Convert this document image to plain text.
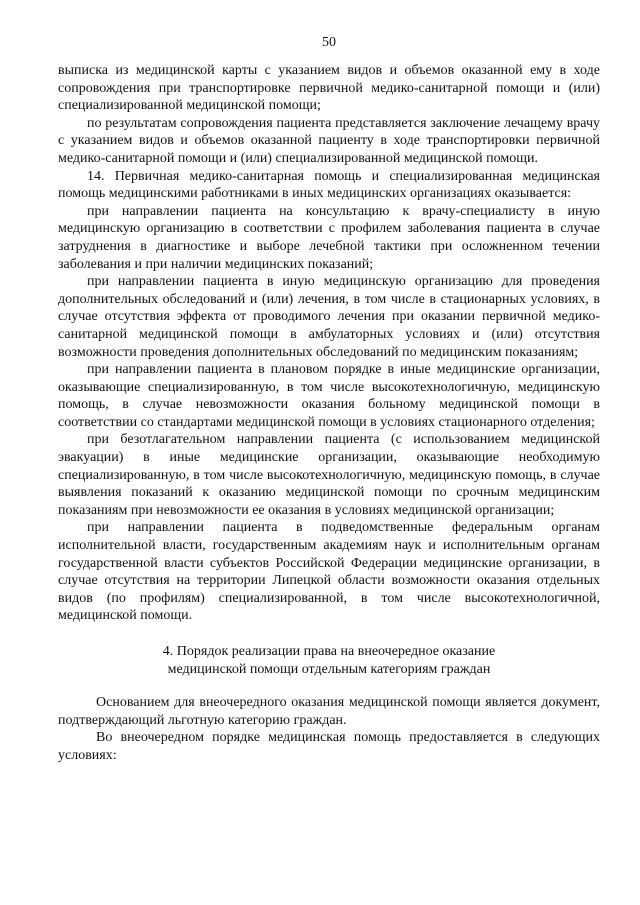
50

выписка из медицинской карты с указанием видов и объемов оказанной ему в ходе сопровождения при транспортировке первичной медико-санитарной помощи и (или) специализированной медицинской помощи;

по результатам сопровождения пациента представляется заключение лечащему врачу с указанием видов и объемов оказанной пациенту в ходе транспортировки первичной медико-санитарной помощи и (или) специализированной медицинской помощи.

14. Первичная медико-санитарная помощь и специализированная медицинская помощь медицинскими работниками в иных медицинских организациях оказывается:

при направлении пациента на консультацию к врачу-специалисту в иную медицинскую организацию в соответствии с профилем заболевания пациента в случае затруднения в диагностике и выборе лечебной тактики при осложненном течении заболевания и при наличии медицинских показаний;

при направлении пациента в иную медицинскую организацию для проведения дополнительных обследований и (или) лечения, в том числе в стационарных условиях, в случае отсутствия эффекта от проводимого лечения при оказании первичной медико-санитарной медицинской помощи в амбулаторных условиях и (или) отсутствия возможности проведения дополнительных обследований по медицинским показаниям;

при направлении пациента в плановом порядке в иные медицинские организации, оказывающие специализированную, в том числе высокотехнологичную, медицинскую помощь, в случае невозможности оказания больному медицинской помощи в соответствии со стандартами медицинской помощи в условиях стационарного отделения;

при безотлагательном направлении пациента (с использованием медицинской эвакуации) в иные медицинские организации, оказывающие необходимую специализированную, в том числе высокотехнологичную, медицинскую помощь, в случае выявления показаний к оказанию медицинской помощи по срочным медицинским показаниям при невозможности ее оказания в условиях медицинской организации;

при направлении пациента в подведомственные федеральным органам исполнительной власти, государственным академиям наук и исполнительным органам государственной власти субъектов Российской Федерации медицинские организации, в случае отсутствия на территории Липецкой области возможности оказания отдельных видов (по профилям) специализированной, в том числе высокотехнологичной, медицинской помощи.

4. Порядок реализации права на внеочередное оказание
медицинской помощи отдельным категориям граждан

Основанием для внеочередного оказания медицинской помощи является документ, подтверждающий льготную категорию граждан.

Во внеочередном порядке медицинская помощь предоставляется в следующих условиях:
